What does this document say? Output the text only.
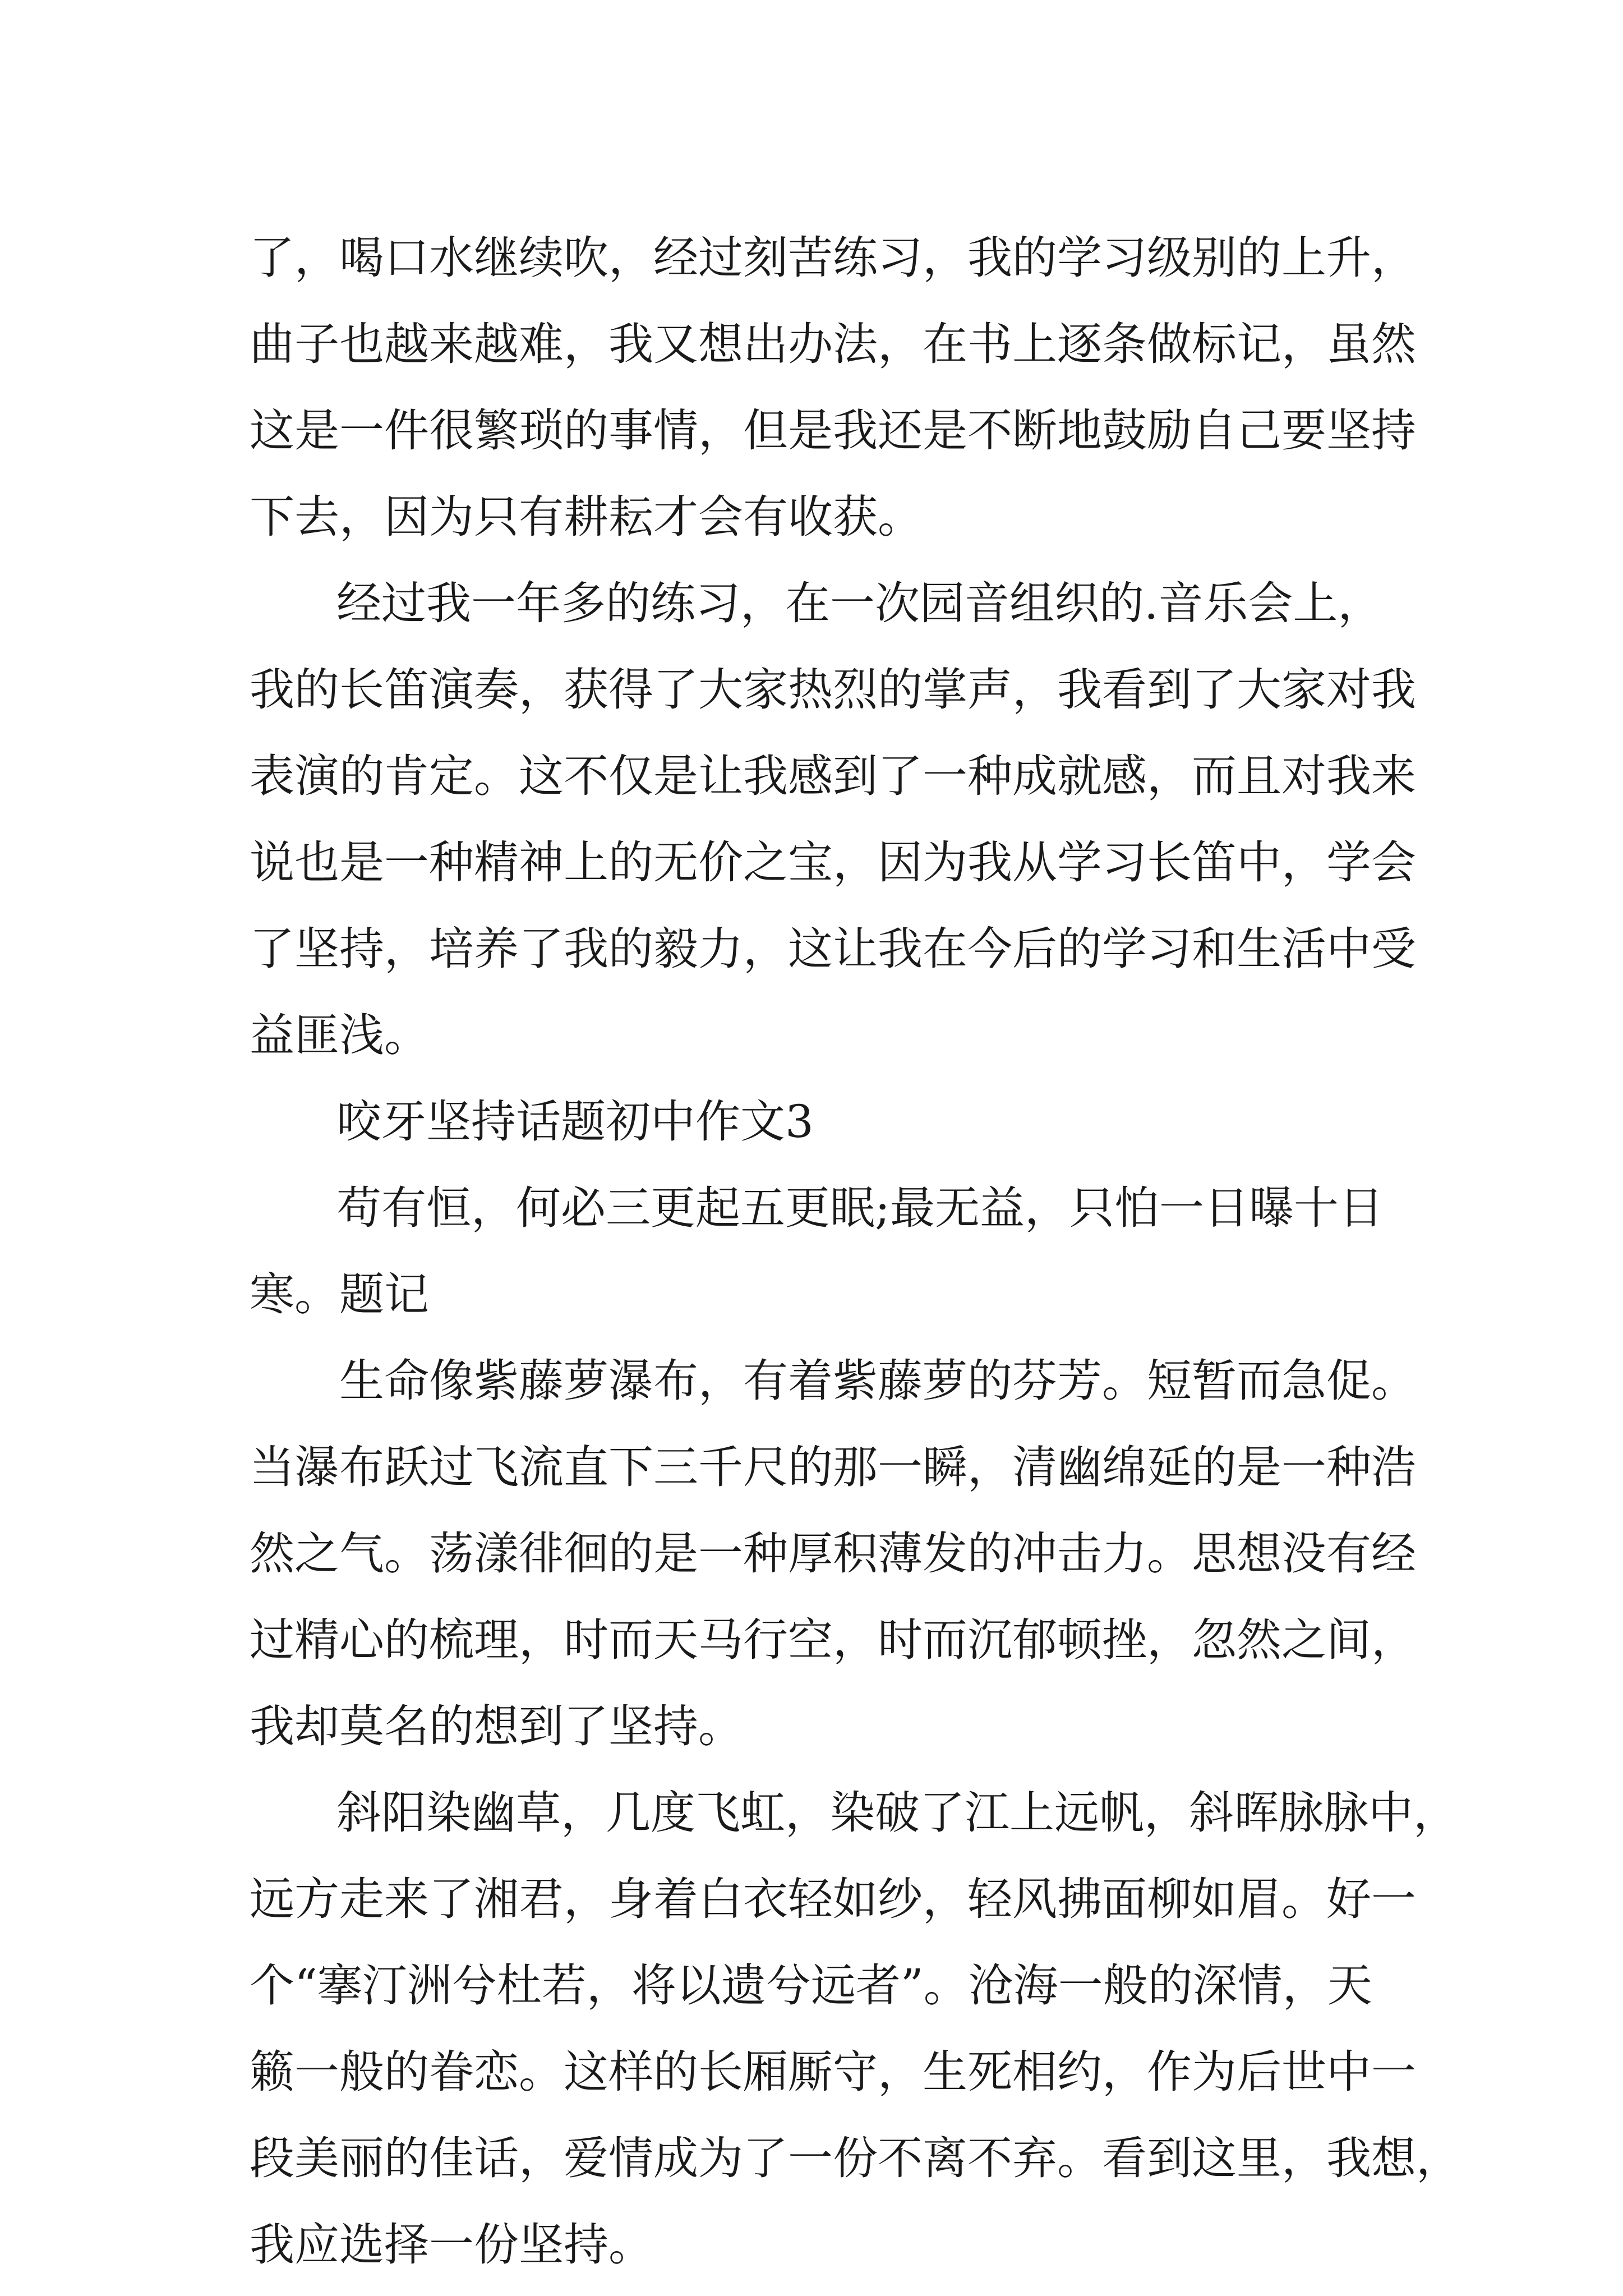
了，喝口水继续吹，经过刻苦练习，我的学习级别的上升，

曲子也越来越难，我又想出办法，在书上逐条做标记，虽然

这是一件很繁琐的事情，但是我还是不断地鼓励自己要坚持

下去，因为只有耕耘才会有收获。

经过我一年多的练习，在一次园音组织的.音乐会上，

我的长笛演奏，获得了大家热烈的掌声，我看到了大家对我

表演的肯定。这不仅是让我感到了一种成就感，而且对我来

说也是一种精神上的无价之宝，因为我从学习长笛中，学会

了坚持，培养了我的毅力，这让我在今后的学习和生活中受

益匪浅。

咬牙坚持话题初中作文3

苟有恒，何必三更起五更眠;最无益，只怕一日曝十日

寒。题记

生命像紫藤萝瀑布，有着紫藤萝的芬芳。短暂而急促。

当瀑布跃过飞流直下三千尺的那一瞬，清幽绵延的是一种浩

然之气。荡漾徘徊的是一种厚积薄发的冲击力。思想没有经

过精心的梳理，时而天马行空，时而沉郁顿挫，忽然之间，

我却莫名的想到了坚持。

斜阳染幽草，几度飞虹，染破了江上远帆，斜晖脉脉中，

远方走来了湘君，身着白衣轻如纱，轻风拂面柳如眉。好一

个“搴汀洲兮杜若，将以遗兮远者”。沧海一般的深情，天

籁一般的眷恋。这样的长厢厮守，生死相约，作为后世中一

段美丽的佳话，爱情成为了一份不离不弃。看到这里，我想，

我应选择一份坚持。
